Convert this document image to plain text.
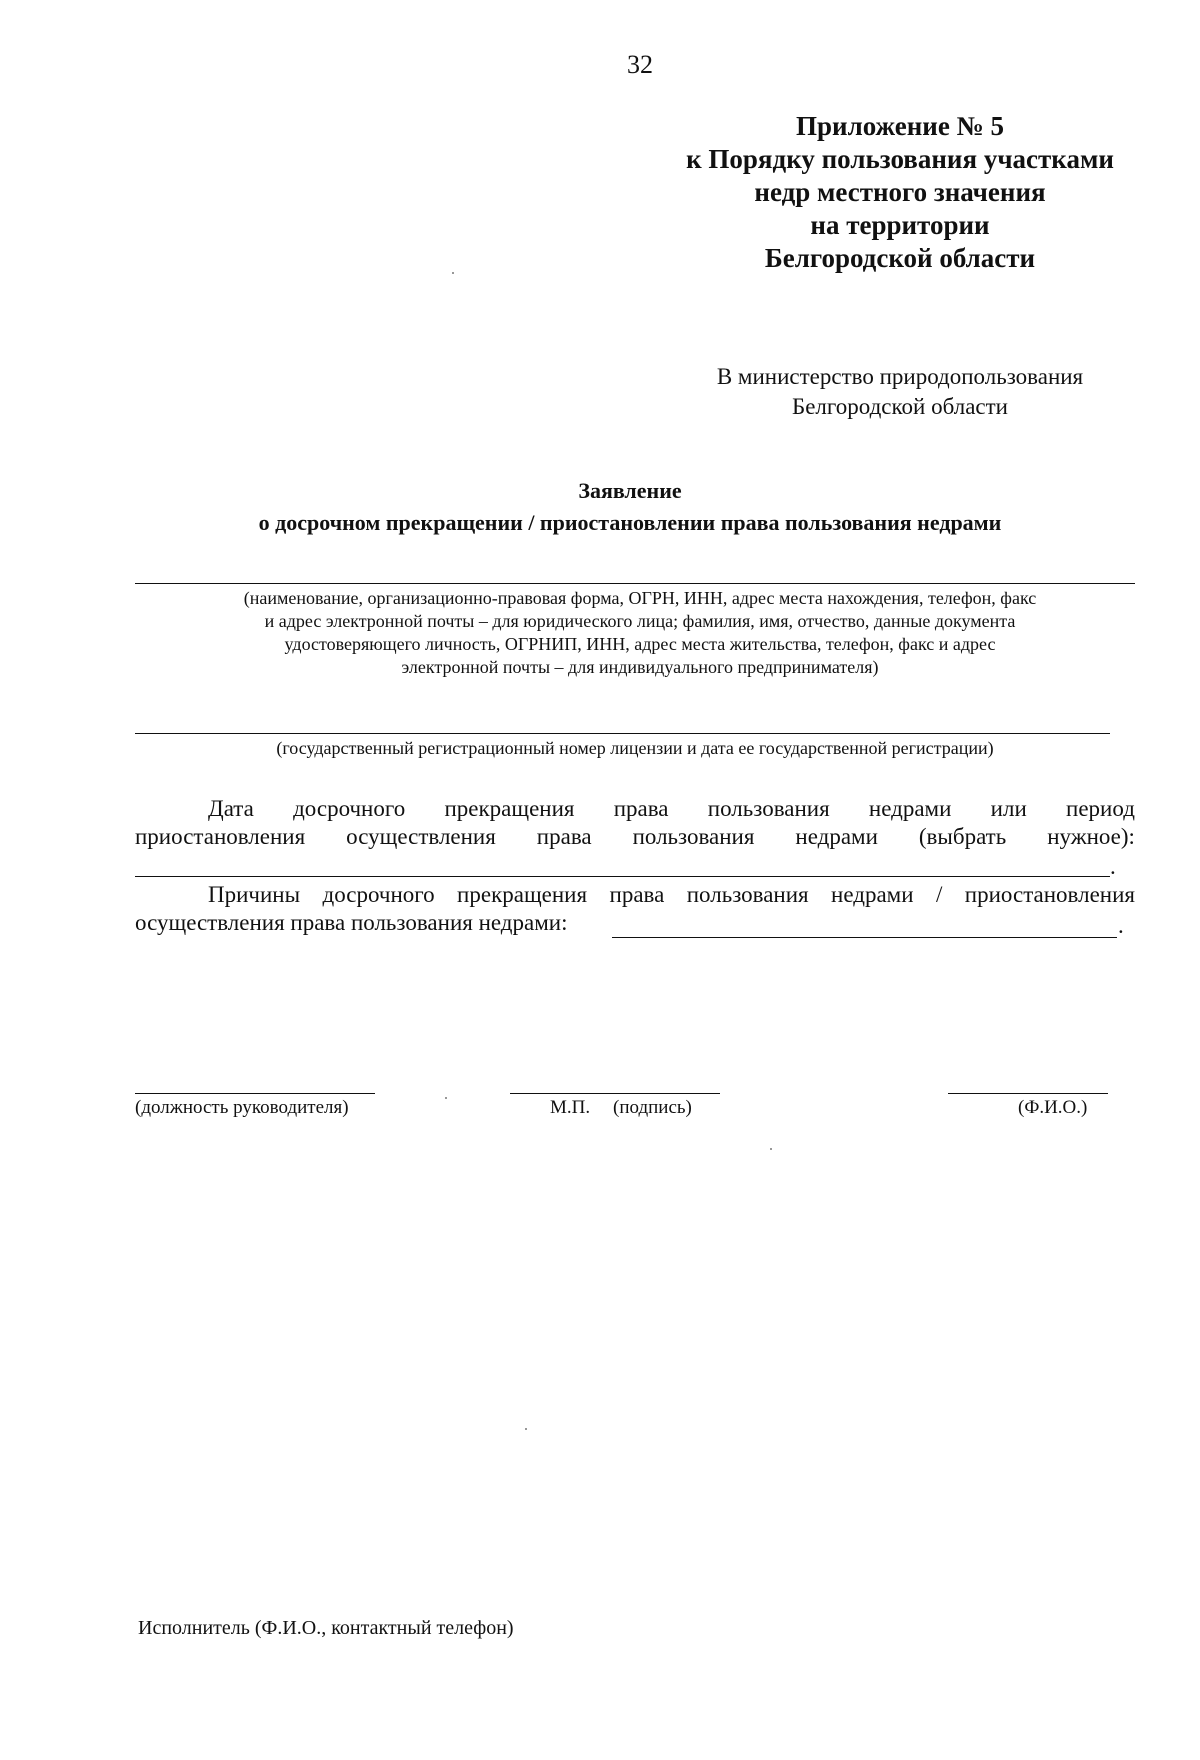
32
Приложение № 5
к Порядку пользования участками
недр местного значения
на территории
Белгородской области
В министерство природопользования
Белгородской области
Заявление
о досрочном прекращении / приостановлении права пользования недрами
(наименование, организационно-правовая форма, ОГРН, ИНН, адрес места нахождения, телефон, факс
и адрес электронной почты – для юридического лица; фамилия, имя, отчество, данные документа
удостоверяющего личность, ОГРНИП, ИНН, адрес места жительства, телефон, факс и адрес
электронной почты – для индивидуального предпринимателя)
(государственный регистрационный номер лицензии и дата ее государственной регистрации)
Дата досрочного прекращения права пользования недрами или период
приостановления осуществления права пользования недрами (выбрать нужное):
.
Причины досрочного прекращения права пользования недрами / приостановления
осуществления права пользования недрами:	.
(должность руководителя)	М.П. (подпись)	(Ф.И.О.)
Исполнитель (Ф.И.О., контактный телефон)
